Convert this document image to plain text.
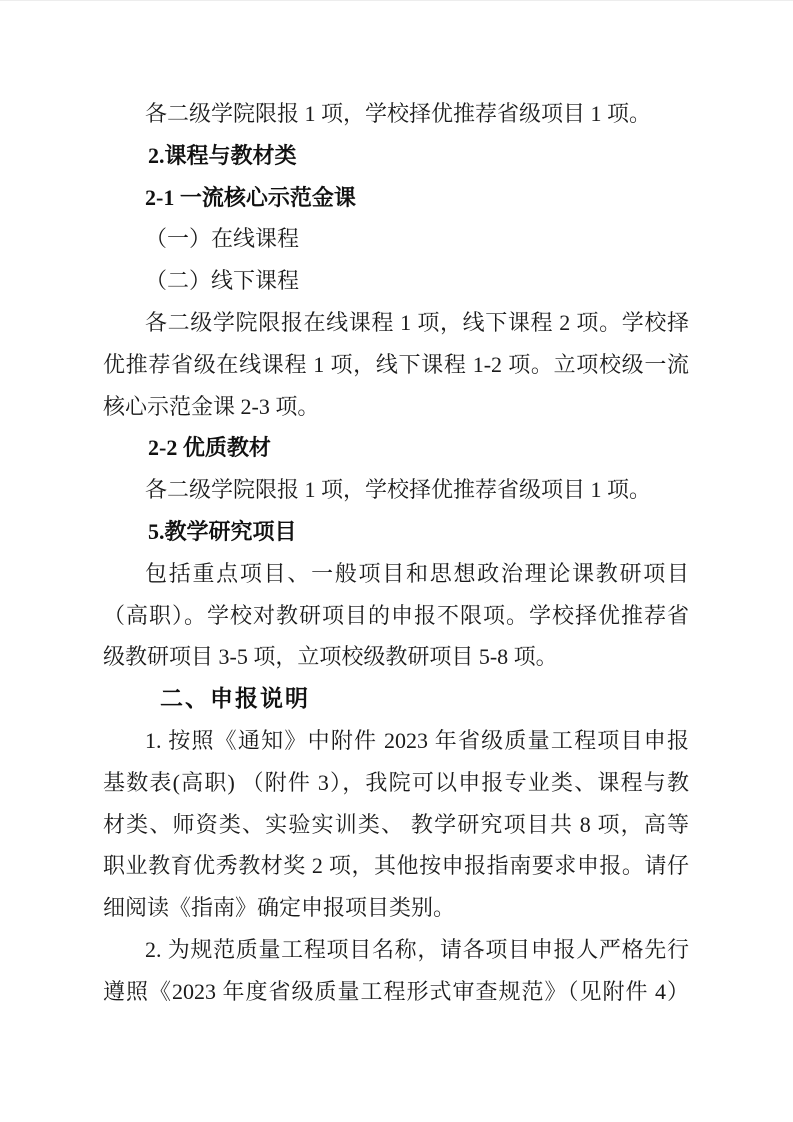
各二级学院限报 1 项，学校择优推荐省级项目 1 项。
2.课程与教材类
2-1 一流核心示范金课
（一）在线课程
（二）线下课程
各二级学院限报在线课程 1 项，线下课程 2 项。学校择
优推荐省级在线课程 1 项，线下课程 1-2 项。立项校级一流
核心示范金课 2-3 项。
2-2 优质教材
各二级学院限报 1 项，学校择优推荐省级项目 1 项。
5.教学研究项目
包括重点项目、一般项目和思想政治理论课教研项目
（高职）。学校对教研项目的申报不限项。学校择优推荐省
级教研项目 3-5 项，立项校级教研项目 5-8 项。
二、申报说明
1. 按照《通知》中附件 2023 年省级质量工程项目申报
基数表(高职) （附件 3），我院可以申报专业类、课程与教
材类、师资类、实验实训类、 教学研究项目共 8 项，高等
职业教育优秀教材奖 2 项，其他按申报指南要求申报。请仔
细阅读《指南》确定申报项目类别。
2. 为规范质量工程项目名称，请各项目申报人严格先行
遵照《2023 年度省级质量工程形式审查规范》（见附件 4）
